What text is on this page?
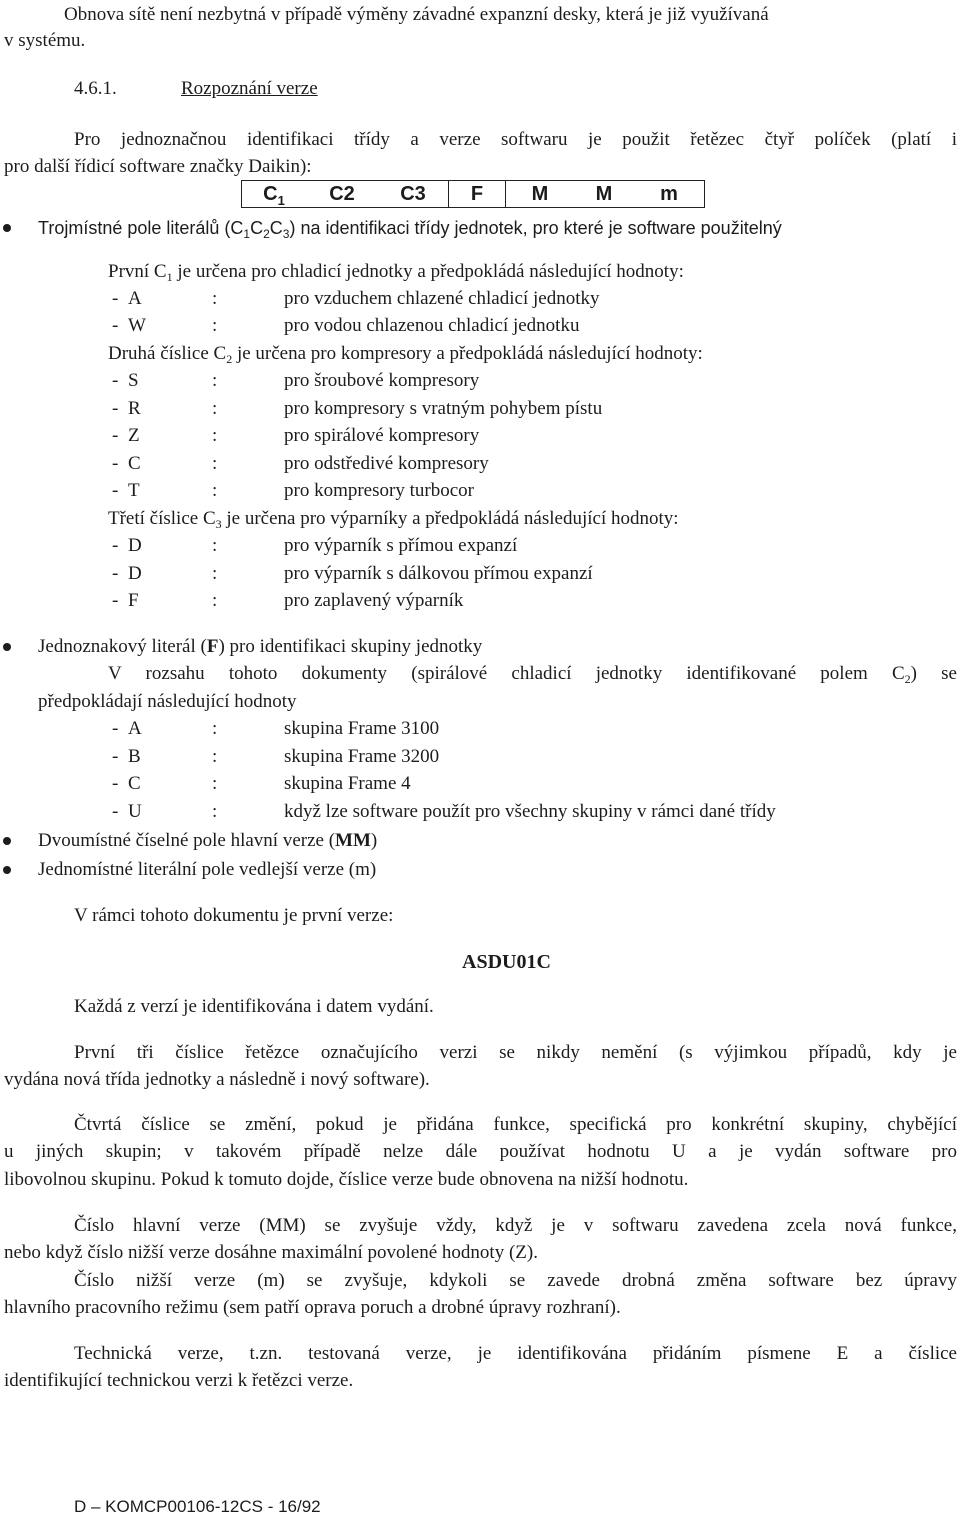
Obnova sítě není nezbytná v případě výměny závadné expanzní desky, která je již využívaná
v systému.
4.6.1.	Rozpoznání verze
Pro jednoznačnou identifikaci třídy a verze softwaru je použit řetězec čtyř políček (platí i
pro další řídicí software značky Daikin):
$C_1$	C2	C3	F	M	M	m
Trojmístné pole literálů $(C_1C_2C_3)$ na identifikaci třídy jednotek, pro které je software použitelný
První $C_1$ je určena pro chladicí jednotky a předpokládá následující hodnoty:
- A	:	pro vzduchem chlazené chladicí jednotky
- W	:	pro vodou chlazenou chladicí jednotku
Druhá číslice $C_2$ je určena pro kompresory a předpokládá následující hodnoty:
- S	:	pro šroubové kompresory
- R	:	pro kompresory s vratným pohybem pístu
- Z	:	pro spirálové kompresory
- C	:	pro odstředivé kompresory
- T	:	pro kompresory turbocor
Třetí číslice $C_3$ je určena pro výparníky a předpokládá následující hodnoty:
- D	:	pro výparník s přímou expanzí
- D	:	pro výparník s dálkovou přímou expanzí
- F	:	pro zaplavený výparník
Jednoznakový literál (F) pro identifikaci skupiny jednotky
V rozsahu tohoto dokumenty (spirálové chladicí jednotky identifikované polem $C_2$) se
předpokládají následující hodnoty
- A	:	skupina Frame 3100
- B	:	skupina Frame 3200
- C	:	skupina Frame 4
- U	:	když lze software použít pro všechny skupiny v rámci dané třídy
Dvoumístné číselné pole hlavní verze (MM)
Jednomístné literální pole vedlejší verze (m)
V rámci tohoto dokumentu je první verze:
ASDU01C
Každá z verzí je identifikována i datem vydání.
První tři číslice řetězce označujícího verzi se nikdy nemění (s výjimkou případů, kdy je
vydána nová třída jednotky a následně i nový software).
Čtvrtá číslice se změní, pokud je přidána funkce, specifická pro konkrétní skupiny, chybějící
u jiných skupin; v takovém případě nelze dále používat hodnotu U a je vydán software pro
libovolnou skupinu. Pokud k tomuto dojde, číslice verze bude obnovena na nižší hodnotu.
Číslo hlavní verze (MM) se zvyšuje vždy, když je v softwaru zavedena zcela nová funkce,
nebo když číslo nižší verze dosáhne maximální povolené hodnoty (Z).
Číslo nižší verze (m) se zvyšuje, kdykoli se zavede drobná změna software bez úpravy
hlavního pracovního režimu (sem patří oprava poruch a drobné úpravy rozhraní).
Technická verze, t.zn. testovaná verze, je identifikována přidáním písmene E a číslice
identifikující technickou verzi k řetězci verze.
D – KOMCP00106-12CS - 16/92
